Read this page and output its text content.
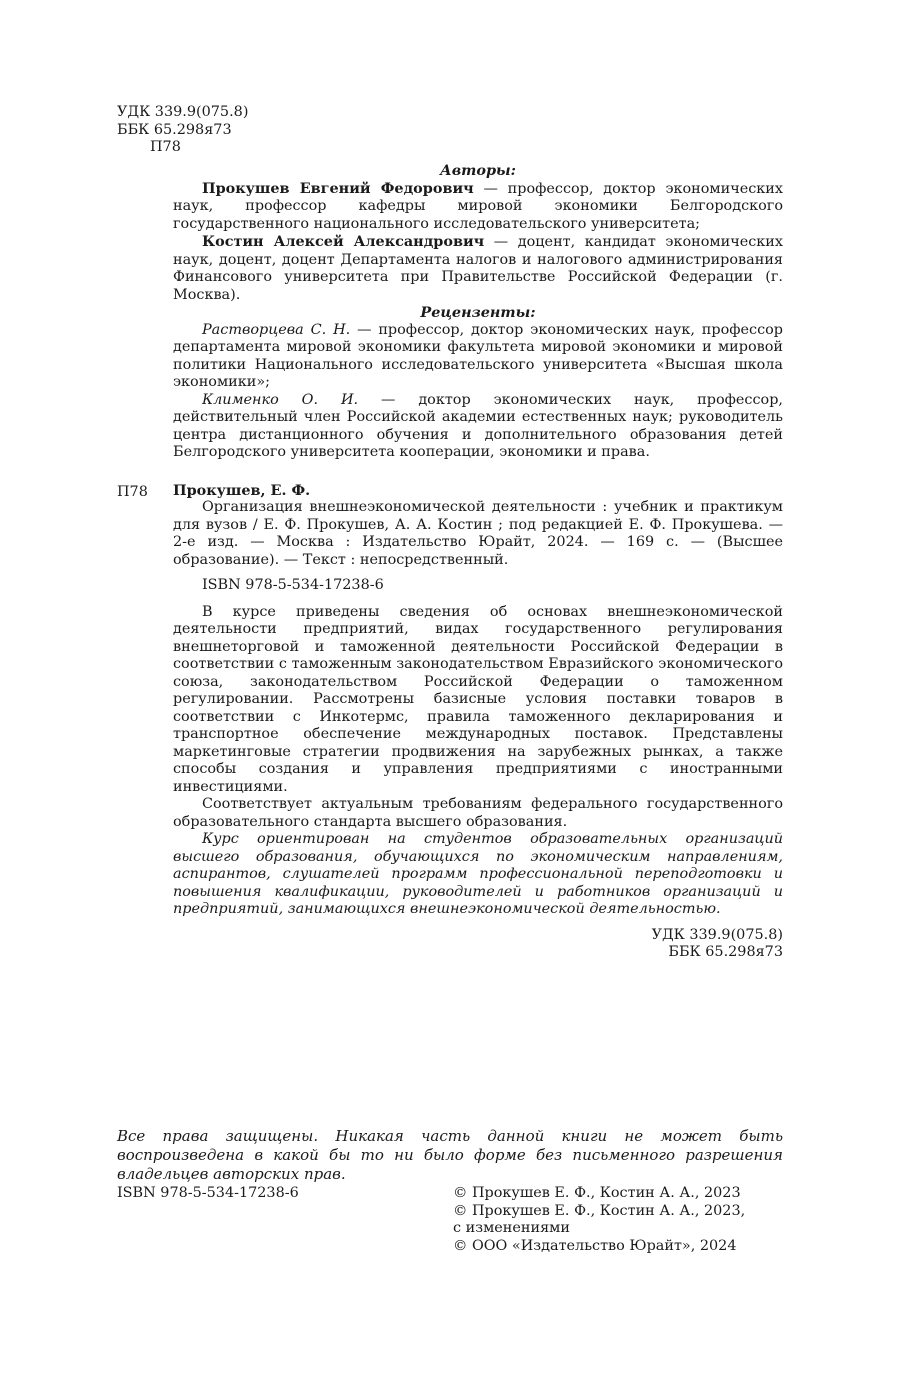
УДК 339.9(075.8)
ББК 65.298я73
П78
Авторы:

Прокушев Евгений Федорович — профессор, доктор экономических наук, профессор кафедры мировой экономики Белгородского государственного национального исследовательского университета;

Костин Алексей Александрович — доцент, кандидат экономических наук, доцент, доцент Департамента налогов и налогового администрирования Финансового университета при Правительстве Российской Федерации (г. Москва).

Рецензенты:

Растворцева С. Н. — профессор, доктор экономических наук, профессор департамента мировой экономики факультета мировой экономики и мировой политики Национального исследовательского университета «Высшая школа экономики»;

Клименко О. И. — доктор экономических наук, профессор, действительный член Российской академии естественных наук; руководитель центра дистанционного обучения и дополнительного образования детей Белгородского университета кооперации, экономики и права.

Прокушев, Е. Ф.

Организация внешнеэкономической деятельности : учебник и практикум для вузов / Е. Ф. Прокушев, А. А. Костин ; под редакцией Е. Ф. Прокушева. — 2-е изд. — Москва : Издательство Юрайт, 2024. — 169 с. — (Высшее образование). — Текст : непосредственный.

ISBN 978-5-534-17238-6

В курсе приведены сведения об основах внешнеэкономической деятельности предприятий, видах государственного регулирования внешнеторговой и таможенной деятельности Российской Федерации в соответствии с таможенным законодательством Евразийского экономического союза, законодательством Российской Федерации о таможенном регулировании. Рассмотрены базисные условия поставки товаров в соответствии с Инкотермс, правила таможенного декларирования и транспортное обеспечение международных поставок. Представлены маркетинговые стратегии продвижения на зарубежных рынках, а также способы создания и управления предприятиями с иностранными инвестициями.

Соответствует актуальным требованиям федерального государственного образовательного стандарта высшего образования.

Курс ориентирован на студентов образовательных организаций высшего образования, обучающихся по экономическим направлениям, аспирантов, слушателей программ профессиональной переподготовки и повышения квалификации, руководителей и работников организаций и предприятий, занимающихся внешнеэкономической деятельностью.

УДК 339.9(075.8)
ББК 65.298я73
П78

Все права защищены. Никакая часть данной книги не может быть воспроизведена в какой бы то ни было форме без письменного разрешения владельцев авторских прав.

ISBN 978-5-534-17238-6	© Прокушев Е. Ф., Костин А. А., 2023
© Прокушев Е. Ф., Костин А. А., 2023,
с изменениями
© ООО «Издательство Юрайт», 2024
